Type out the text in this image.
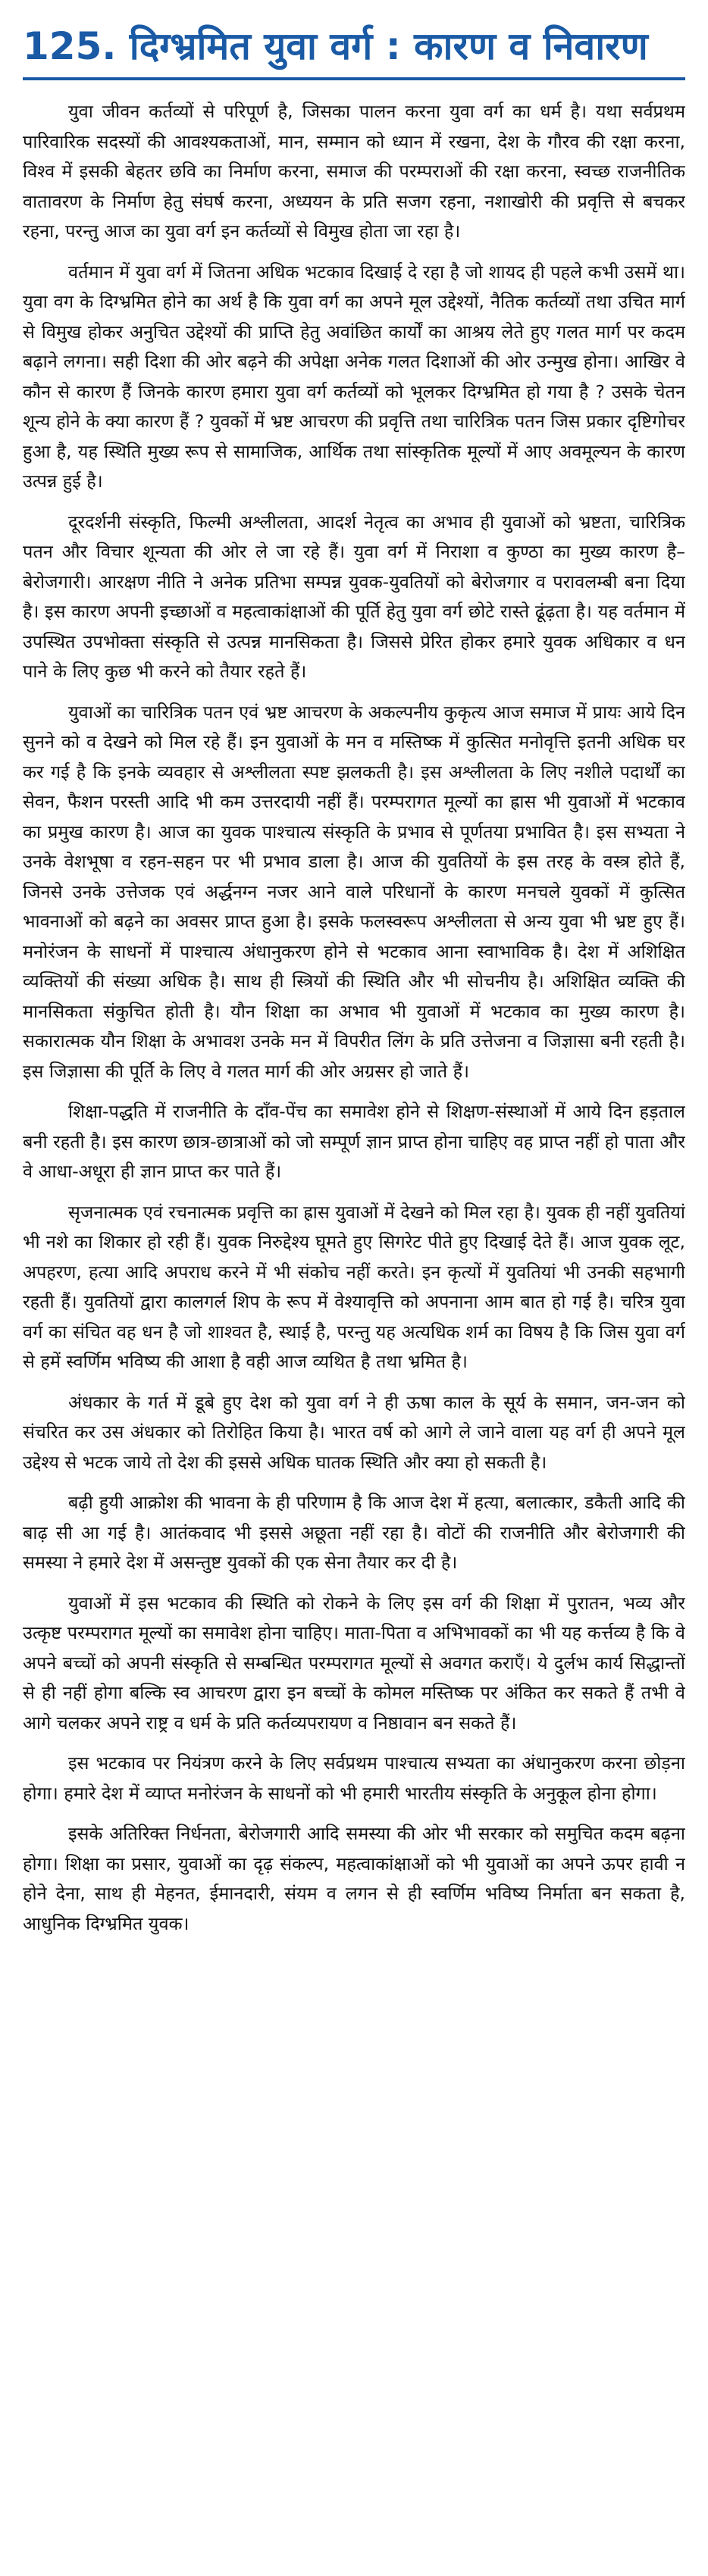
125. दिग्भ्रमित युवा वर्ग : कारण व निवारण

युवा जीवन कर्तव्यों से परिपूर्ण है, जिसका पालन करना युवा वर्ग का धर्म है। यथा सर्वप्रथम पारिवारिक सदस्यों की आवश्यकताओं, मान, सम्मान को ध्यान में रखना, देश के गौरव की रक्षा करना, विश्व में इसकी बेहतर छवि का निर्माण करना, समाज की परम्पराओं की रक्षा करना, स्वच्छ राजनीतिक वातावरण के निर्माण हेतु संघर्ष करना, अध्ययन के प्रति सजग रहना, नशाखोरी की प्रवृत्ति से बचकर रहना, परन्तु आज का युवा वर्ग इन कर्तव्यों से विमुख होता जा रहा है।

वर्तमान में युवा वर्ग में जितना अधिक भटकाव दिखाई दे रहा है जो शायद ही पहले कभी उसमें था। युवा वग के दिग्भ्रमित होने का अर्थ है कि युवा वर्ग का अपने मूल उद्देश्यों, नैतिक कर्तव्यों तथा उचित मार्ग से विमुख होकर अनुचित उद्देश्यों की प्राप्ति हेतु अवांछित कार्यों का आश्रय लेते हुए गलत मार्ग पर कदम बढ़ाने लगना। सही दिशा की ओर बढ़ने की अपेक्षा अनेक गलत दिशाओं की ओर उन्मुख होना। आखिर वे कौन से कारण हैं जिनके कारण हमारा युवा वर्ग कर्तव्यों को भूलकर दिग्भ्रमित हो गया है ? उसके चेतन शून्य होने के क्या कारण हैं ? युवकों में भ्रष्ट आचरण की प्रवृत्ति तथा चारित्रिक पतन जिस प्रकार दृष्टिगोचर हुआ है, यह स्थिति मुख्य रूप से सामाजिक, आर्थिक तथा सांस्कृतिक मूल्यों में आए अवमूल्यन के कारण उत्पन्न हुई है।

दूरदर्शनी संस्कृति, फिल्मी अश्लीलता, आदर्श नेतृत्व का अभाव ही युवाओं को भ्रष्टता, चारित्रिक पतन और विचार शून्यता की ओर ले जा रहे हैं। युवा वर्ग में निराशा व कुण्ठा का मुख्य कारण है–बेरोजगारी। आरक्षण नीति ने अनेक प्रतिभा सम्पन्न युवक-युवतियों को बेरोजगार व परावलम्बी बना दिया है। इस कारण अपनी इच्छाओं व महत्वाकांक्षाओं की पूर्ति हेतु युवा वर्ग छोटे रास्ते ढूंढ़ता है। यह वर्तमान में उपस्थित उपभोक्ता संस्कृति से उत्पन्न मानसिकता है। जिससे प्रेरित होकर हमारे युवक अधिकार व धन पाने के लिए कुछ भी करने को तैयार रहते हैं।

युवाओं का चारित्रिक पतन एवं भ्रष्ट आचरण के अकल्पनीय कुकृत्य आज समाज में प्रायः आये दिन सुनने को व देखने को मिल रहे हैं। इन युवाओं के मन व मस्तिष्क में कुत्सित मनोवृत्ति इतनी अधिक घर कर गई है कि इनके व्यवहार से अश्लीलता स्पष्ट झलकती है। इस अश्लीलता के लिए नशीले पदार्थों का सेवन, फैशन परस्ती आदि भी कम उत्तरदायी नहीं हैं। परम्परागत मूल्यों का ह्रास भी युवाओं में भटकाव का प्रमुख कारण है। आज का युवक पाश्चात्य संस्कृति के प्रभाव से पूर्णतया प्रभावित है। इस सभ्यता ने उनके वेशभूषा व रहन-सहन पर भी प्रभाव डाला है। आज की युवतियों के इस तरह के वस्त्र होते हैं, जिनसे उनके उत्तेजक एवं अर्द्धनग्न नजर आने वाले परिधानों के कारण मनचले युवकों में कुत्सित भावनाओं को बढ़ने का अवसर प्राप्त हुआ है। इसके फलस्वरूप अश्लीलता से अन्य युवा भी भ्रष्ट हुए हैं। मनोरंजन के साधनों में पाश्चात्य अंधानुकरण होने से भटकाव आना स्वाभाविक है। देश में अशिक्षित व्यक्तियों की संख्या अधिक है। साथ ही स्त्रियों की स्थिति और भी सोचनीय है। अशिक्षित व्यक्ति की मानसिकता संकुचित होती है। यौन शिक्षा का अभाव भी युवाओं में भटकाव का मुख्य कारण है। सकारात्मक यौन शिक्षा के अभावश उनके मन में विपरीत लिंग के प्रति उत्तेजना व जिज्ञासा बनी रहती है। इस जिज्ञासा की पूर्ति के लिए वे गलत मार्ग की ओर अग्रसर हो जाते हैं।

शिक्षा-पद्धति में राजनीति के दाँव-पेंच का समावेश होने से शिक्षण-संस्थाओं में आये दिन हड़ताल बनी रहती है। इस कारण छात्र-छात्राओं को जो सम्पूर्ण ज्ञान प्राप्त होना चाहिए वह प्राप्त नहीं हो पाता और वे आधा-अधूरा ही ज्ञान प्राप्त कर पाते हैं।

सृजनात्मक एवं रचनात्मक प्रवृत्ति का ह्रास युवाओं में देखने को मिल रहा है। युवक ही नहीं युवतियां भी नशे का शिकार हो रही हैं। युवक निरुद्देश्य घूमते हुए सिगरेट पीते हुए दिखाई देते हैं। आज युवक लूट, अपहरण, हत्या आदि अपराध करने में भी संकोच नहीं करते। इन कृत्यों में युवतियां भी उनकी सहभागी रहती हैं। युवतियों द्वारा कालगर्ल शिप के रूप में वेश्यावृत्ति को अपनाना आम बात हो गई है। चरित्र युवा वर्ग का संचित वह धन है जो शाश्वत है, स्थाई है, परन्तु यह अत्यधिक शर्म का विषय है कि जिस युवा वर्ग से हमें स्वर्णिम भविष्य की आशा है वही आज व्यथित है तथा भ्रमित है।

अंधकार के गर्त में डूबे हुए देश को युवा वर्ग ने ही ऊषा काल के सूर्य के समान, जन-जन को संचरित कर उस अंधकार को तिरोहित किया है। भारत वर्ष को आगे ले जाने वाला यह वर्ग ही अपने मूल उद्देश्य से भटक जाये तो देश की इससे अधिक घातक स्थिति और क्या हो सकती है।

बढ़ी हुयी आक्रोश की भावना के ही परिणाम है कि आज देश में हत्या, बलात्कार, डकैती आदि की बाढ़ सी आ गई है। आतंकवाद भी इससे अछूता नहीं रहा है। वोटों की राजनीति और बेरोजगारी की समस्या ने हमारे देश में असन्तुष्ट युवकों की एक सेना तैयार कर दी है।

युवाओं में इस भटकाव की स्थिति को रोकने के लिए इस वर्ग की शिक्षा में पुरातन, भव्य और उत्कृष्ट परम्परागत मूल्यों का समावेश होना चाहिए। माता-पिता व अभिभावकों का भी यह कर्त्तव्य है कि वे अपने बच्चों को अपनी संस्कृति से सम्बन्धित परम्परागत मूल्यों से अवगत कराएँ। ये दुर्लभ कार्य सिद्धान्तों से ही नहीं होगा बल्कि स्व आचरण द्वारा इन बच्चों के कोमल मस्तिष्क पर अंकित कर सकते हैं तभी वे आगे चलकर अपने राष्ट्र व धर्म के प्रति कर्तव्यपरायण व निष्ठावान बन सकते हैं।

इस भटकाव पर नियंत्रण करने के लिए सर्वप्रथम पाश्चात्य सभ्यता का अंधानुकरण करना छोड़ना होगा। हमारे देश में व्याप्त मनोरंजन के साधनों को भी हमारी भारतीय संस्कृति के अनुकूल होना होगा।

इसके अतिरिक्त निर्धनता, बेरोजगारी आदि समस्या की ओर भी सरकार को समुचित कदम बढ़ना होगा। शिक्षा का प्रसार, युवाओं का दृढ़ संकल्प, महत्वाकांक्षाओं को भी युवाओं का अपने ऊपर हावी न होने देना, साथ ही मेहनत, ईमानदारी, संयम व लगन से ही स्वर्णिम भविष्य निर्माता बन सकता है, आधुनिक दिग्भ्रमित युवक।
